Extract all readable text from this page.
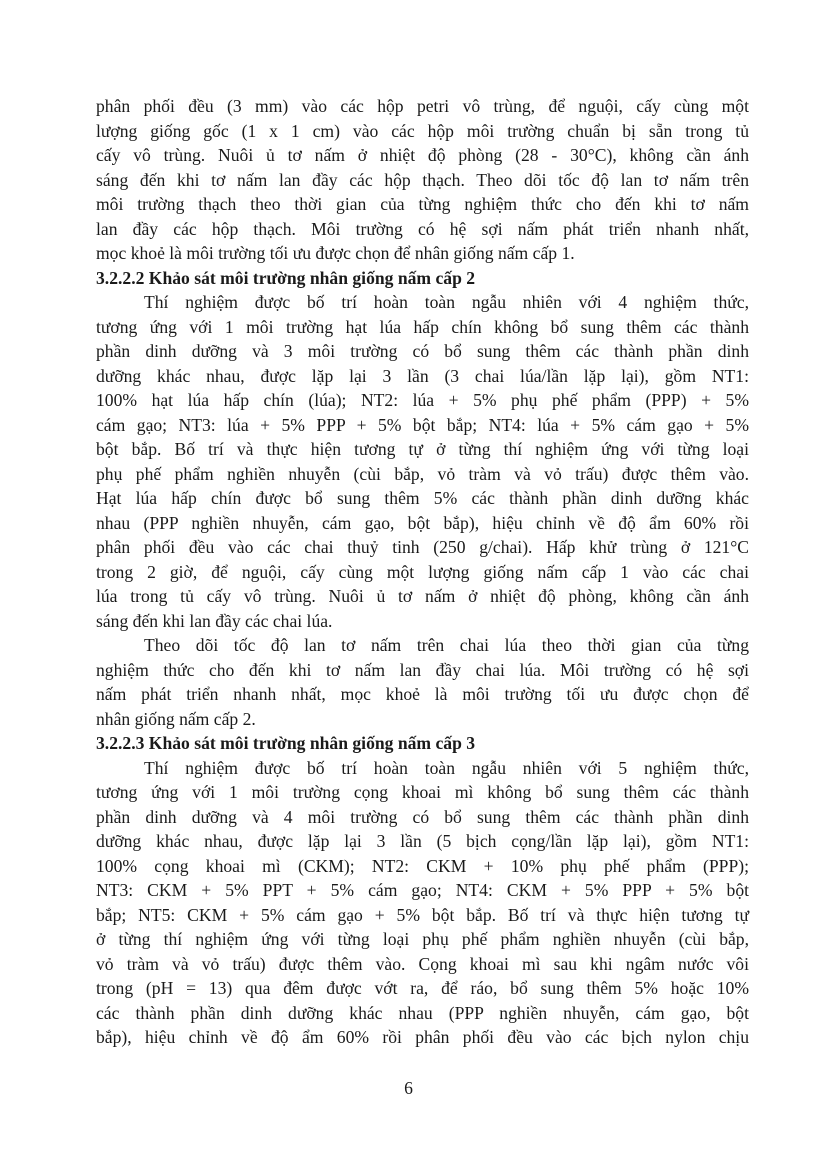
phân phối đều (3 mm) vào các hộp petri vô trùng, để nguội, cấy cùng một
lượng giống gốc (1 x 1 cm) vào các hộp môi trường chuẩn bị sẵn trong tủ
cấy vô trùng. Nuôi ủ tơ nấm ở nhiệt độ phòng (28 - 30°C), không cần ánh
sáng đến khi tơ nấm lan đầy các hộp thạch. Theo dõi tốc độ lan tơ nấm trên
môi trường thạch theo thời gian của từng nghiệm thức cho đến khi tơ nấm
lan đầy các hộp thạch. Môi trường có hệ sợi nấm phát triển nhanh nhất,
mọc khoẻ là môi trường tối ưu được chọn để nhân giống nấm cấp 1.
3.2.2.2 Khảo sát môi trường nhân giống nấm cấp 2
Thí nghiệm được bố trí hoàn toàn ngẫu nhiên với 4 nghiệm thức,
tương ứng với 1 môi trường hạt lúa hấp chín không bổ sung thêm các thành
phần dinh dưỡng và 3 môi trường có bổ sung thêm các thành phần dinh
dưỡng khác nhau, được lặp lại 3 lần (3 chai lúa/lần lặp lại), gồm NT1:
100% hạt lúa hấp chín (lúa); NT2: lúa + 5% phụ phế phẩm (PPP) + 5%
cám gạo; NT3: lúa + 5% PPP + 5% bột bắp; NT4: lúa + 5% cám gạo + 5%
bột bắp. Bố trí và thực hiện tương tự ở từng thí nghiệm ứng với từng loại
phụ phế phẩm nghiền nhuyễn (cùi bắp, vỏ tràm và vỏ trấu) được thêm vào.
Hạt lúa hấp chín được bổ sung thêm 5% các thành phần dinh dưỡng khác
nhau (PPP nghiền nhuyễn, cám gạo, bột bắp), hiệu chỉnh về độ ẩm 60% rồi
phân phối đều vào các chai thuỷ tinh (250 g/chai). Hấp khử trùng ở 121°C
trong 2 giờ, để nguội, cấy cùng một lượng giống nấm cấp 1 vào các chai
lúa trong tủ cấy vô trùng. Nuôi ủ tơ nấm ở nhiệt độ phòng, không cần ánh
sáng đến khi lan đầy các chai lúa.
Theo dõi tốc độ lan tơ nấm trên chai lúa theo thời gian của từng
nghiệm thức cho đến khi tơ nấm lan đầy chai lúa. Môi trường có hệ sợi
nấm phát triển nhanh nhất, mọc khoẻ là môi trường tối ưu được chọn để
nhân giống nấm cấp 2.
3.2.2.3 Khảo sát môi trường nhân giống nấm cấp 3
Thí nghiệm được bố trí hoàn toàn ngẫu nhiên với 5 nghiệm thức,
tương ứng với 1 môi trường cọng khoai mì không bổ sung thêm các thành
phần dinh dưỡng và 4 môi trường có bổ sung thêm các thành phần dinh
dưỡng khác nhau, được lặp lại 3 lần (5 bịch cọng/lần lặp lại), gồm NT1:
100% cọng khoai mì (CKM); NT2: CKM + 10% phụ phế phẩm (PPP);
NT3: CKM + 5% PPT + 5% cám gạo; NT4: CKM + 5% PPP + 5% bột
bắp; NT5: CKM + 5% cám gạo + 5% bột bắp. Bố trí và thực hiện tương tự
ở từng thí nghiệm ứng với từng loại phụ phế phẩm nghiền nhuyễn (cùi bắp,
vỏ tràm và vỏ trấu) được thêm vào. Cọng khoai mì sau khi ngâm nước vôi
trong (pH = 13) qua đêm được vớt ra, để ráo, bổ sung thêm 5% hoặc 10%
các thành phần dinh dưỡng khác nhau (PPP nghiền nhuyễn, cám gạo, bột
bắp), hiệu chỉnh về độ ẩm 60% rồi phân phối đều vào các bịch nylon chịu
6
